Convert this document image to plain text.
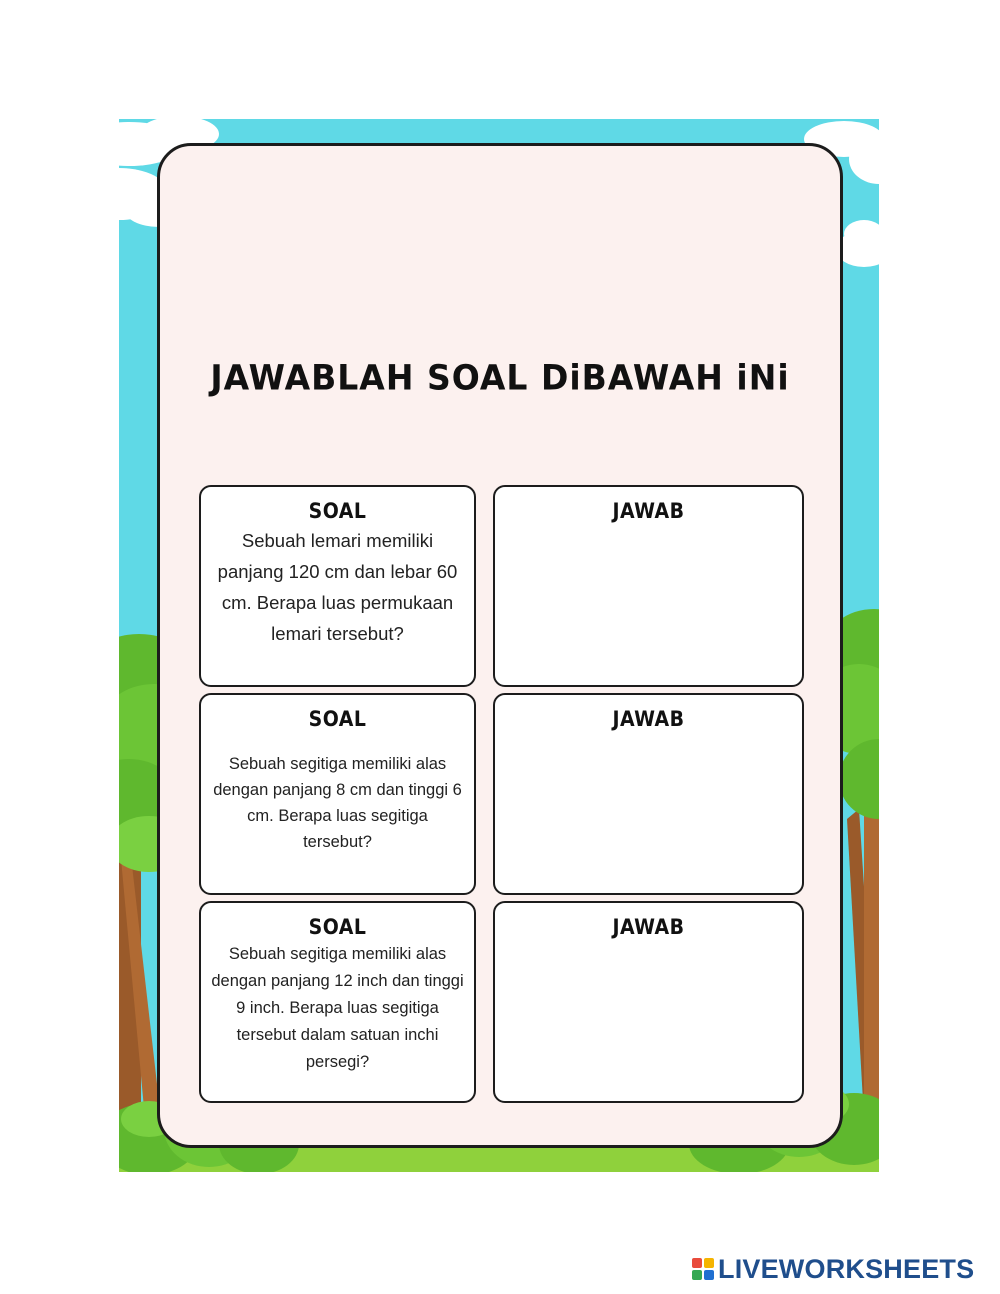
JAWABLAH SOAL DiBAWAH iNi
SOAL
Sebuah lemari memiliki panjang 120 cm dan lebar 60 cm. Berapa luas permukaan lemari tersebut?
JAWAB
SOAL
Sebuah segitiga memiliki alas dengan panjang 8 cm dan tinggi 6 cm. Berapa luas segitiga tersebut?
JAWAB
SOAL
Sebuah segitiga memiliki alas dengan panjang 12 inch dan tinggi 9 inch. Berapa luas segitiga tersebut dalam satuan inchi persegi?
JAWAB
LIVEWORKSHEETS
